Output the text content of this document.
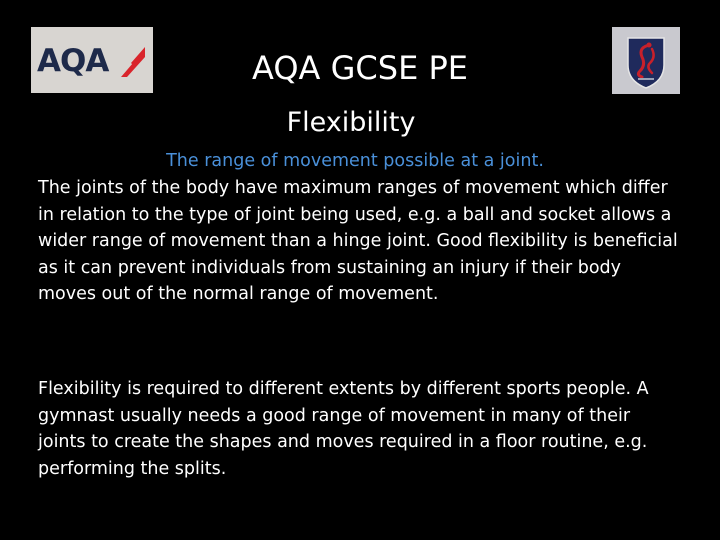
AQA	AQA GCSE PE
Flexibility
The range of movement possible at a joint.
The joints of the body have maximum ranges of movement which differ in relation to the type of joint being used, e.g. a ball and socket allows a wider range of movement than a hinge joint. Good flexibility is beneficial as it can prevent individuals from sustaining an injury if their body moves out of the normal range of movement.
Flexibility is required to different extents by different sports people. A gymnast usually needs a good range of movement in many of their joints to create the shapes and moves required in a floor routine, e.g. performing the splits.
